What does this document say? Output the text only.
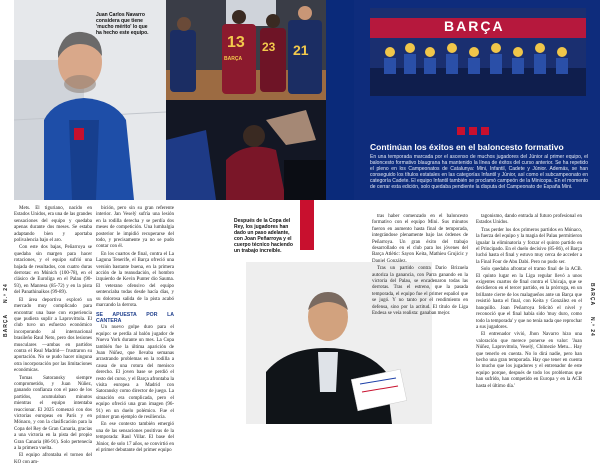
Juan Carlos Navarro considera que tiene 'mucho mérito' lo que ha hecho este equipo.
13 23 21
BARÇA
BARÇA N.º 24

Mets. El tiguriano, nacido en Estados Unidos, era una de las grandes sensaciones del equipo y quedaba apenas durante dos meses. Se estaba adaptando bien y aportaba polivalencia bajo el aro.

Con este dos bajas, Peñarroya se quedaba sin margen para hacer rotaciones, y el equipo sufrió una bajada de resultados, con cuatro duras derrotas: en Múnich (100-78), en el clásico de Euroliga en el Palau (90-93), en Manresa (85-72) y en la pista del Panathinaikos (99-89).

El área deportiva exploró un mercado muy complicado para encontrar una base con experiencia que pudiera suplir a Laprovittola. El club tuvo un esfuerzo económico incorporando al internacional brasileño Raul Neto, pero dos lesiones musculares —ambas en partidos contra el Real Madrid— frustraron su aportación. No se pudo hacer ninguna otra incorporación por las limitaciones económicas.

Tomas Satoransky siempre comprometido, y Juan Núñez, ganando confianza con el paso de los partidos, acumulaban minutos mientras el equipo intentaba reaccionar. El 2025 comenzó con dos victorias europeas en París y en Mónaco, y con la clasificación para la Copa del Rey de Gran Canaria, gracias a una victoria en la pista del propio Gran Canaria (86-91). Solo pertenecía a la primera vuelta.

El equipo afrontaba el torneo del KO con am-

bición, pero sin su gran referente interior. Jan Veselý sufría una lesión en la rodilla derecha y se perdía dos meses de competición. Una lumbalgia posterior le impidió recuperarse del todo, y precisamente ya no se pudo contar con él.

En los cuartos de final, contra el La Laguna Tenerife, el Barça ofreció una versión bastante buena, en la primera acción de la reanudación, el hombro izquierdo de Kevin Punter dio Sauma. El veterano ofensivo del equipo sentenciaba todas desde hacía días, y su dolorosa salida de la pista acabó marcando la derrota.

SE APUESTA POR LA CANTERA

Un nuevo golpe duro para el equipo: se perdía al balón jugador de Nueva York durante un mes. La Copa también fue la última aparición de Juan Núñez, que llevaba semanas arrastrando problemas en la rodilla a causa de una rotura del menisco derecho. El joven base se perdió el resto del curso, y el Barça afrontaba la visita europea a Madrid con Satoransky como director de juego. La situación era complicada, pero el equipo ofreció una gran imagen (96-91) en un duelo polémico. Fue el primer gran ejemplo de resiliencia.

En ese contexto también emergió una de las sensaciones positivas de la temporada: Raul Villar. El base del Júnior, de solo 17 años, se convirtió en el primer debutante del primer equipo

Después de la Copa del Rey, los jugadores han dado un paso adelante, con Joan Peñarroya y el cuerpo técnico haciendo un trabajo increíble.
BARÇA
Continúan los éxitos en el baloncesto formativo
En una temporada marcada por el ascenso de muchos jugadores del Júnior al primer equipo, el baloncesto formativo blaugrana ha mantenido la línea de éxitos del curso anterior. Se ha repetido el pleno en los Campeonatos de Catalunya: Mini, Infantil, Cadete y Júnior. Además, se han conseguido los títulos estatales en las categorías Infantil y Júnior, así como el subcampeonato en categoría Cadete. El equipo Infantil también se proclamó campeón de la Minicopa. En el momento de cerrar esta edición, solo quedaba pendiente la disputa del Campeonato de España Mini.

tras haber comenzado en el baloncesto formativo con el equipo Mini. Sus minutos fueron en aumento hasta final de temporada, integrándose plenamente bajo las órdenes de Peñarroya. Un gran éxito del trabajo desarrollado en el club para los jóvenes del Barça Atlètic: Sayon Keita, Mathieu Grujicic y Daniel González.

Tras un partido contra Dario Brizuela autoriza la ganancia, con Parra ganando en la victoria del Palau, se encadenaron todas las derrotas. Tras el estreno, que la pasada temporada, el equipo fue el primer español que se jugó. Y no tanto por el rendimiento en defensa, sino por la actitud. El título de Liga Endesa se veía realista: ganaban mejor.

tagonismo, dando entrada al futuro profesional en Estados Unidos.

Tras perder los dos primeros partidos en Mónaco, la fuerza del equipo y la magia del Palau permitieron igualar la eliminatoria y forzar el quinto partido en el Principado. En el duelo decisivo (85-86), el Barça luchó hasta el final y estuvo muy cerca de acceder a la Final Four de Abu Dabi. Pero no pudo ser.

Solo quedaba afrontar el tramo final de la ACB. El quinto lugar en la Liga regular llevó a unos exigentes cuartos de final contra el Unicaja, que se decidieron en el tercer partido, en la prórroga, en un brillante cierre de los malagueños ante un Barça que resistió hasta el final, con Keita y González en el banquillo. Joan Peñarroya felicitó el nivel y reconoció que el final había sido 'muy duro, como todo la temporada' y que no tenía nada que reprochar a sus jugadores.

El entrenador vivió, Jhon Navarro hizo una valoración que merece ponerse en valor: 'Juan Núñez, Laprovittola, Veselý, Chimezie Metu... Hay que tenerlo en cuenta. No lo dirá nadie, pero han hecho una gran temporada. Hay que tener en cuenta lo mucho que los jugadores y el entrenador de este equipo porque, después de todo los problemas que han sufrido, han competido en Europa y en la ACB hasta el último día.'

BARÇA N.º 24
